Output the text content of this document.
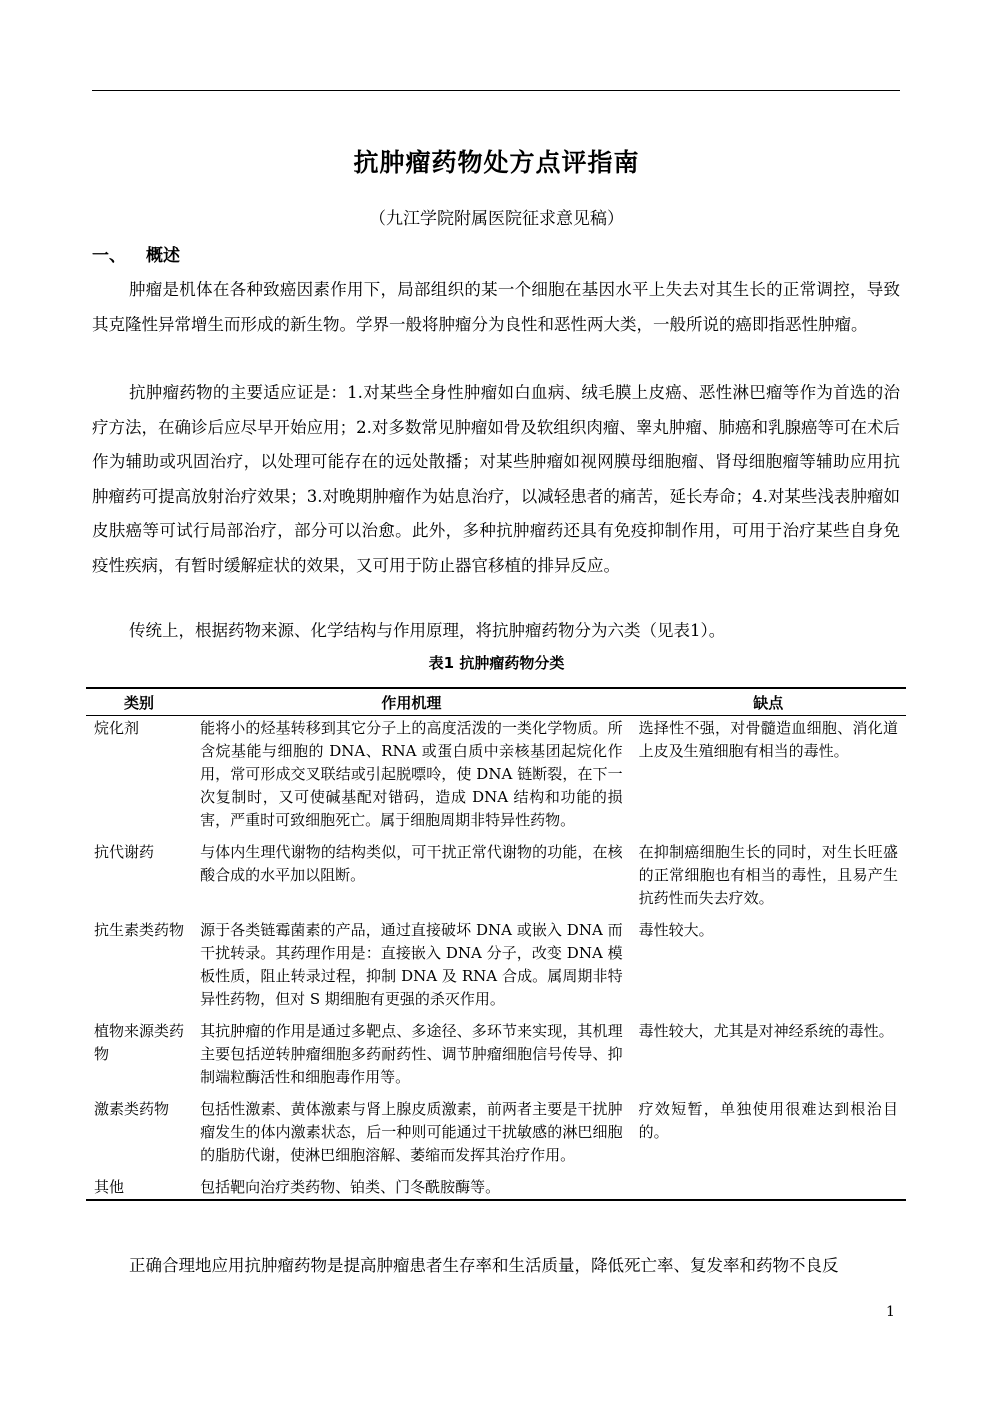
抗肿瘤药物处方点评指南
（九江学院附属医院征求意见稿）
一、 概述

肿瘤是机体在各种致癌因素作用下，局部组织的某一个细胞在基因水平上失去对其生长的正常调控，导致其克隆性异常增生而形成的新生物。学界一般将肿瘤分为良性和恶性两大类，一般所说的癌即指恶性肿瘤。

抗肿瘤药物的主要适应证是：1.对某些全身性肿瘤如白血病、绒毛膜上皮癌、恶性淋巴瘤等作为首选的治疗方法，在确诊后应尽早开始应用；2.对多数常见肿瘤如骨及软组织肉瘤、睾丸肿瘤、肺癌和乳腺癌等可在术后作为辅助或巩固治疗，以处理可能存在的远处散播；对某些肿瘤如视网膜母细胞瘤、肾母细胞瘤等辅助应用抗肿瘤药可提高放射治疗效果；3.对晚期肿瘤作为姑息治疗，以减轻患者的痛苦，延长寿命；4.对某些浅表肿瘤如皮肤癌等可试行局部治疗，部分可以治愈。此外，多种抗肿瘤药还具有免疫抑制作用，可用于治疗某些自身免疫性疾病，有暂时缓解症状的效果，又可用于防止器官移植的排异反应。

传统上，根据药物来源、化学结构与作用原理，将抗肿瘤药物分为六类（见表1）。

表1 抗肿瘤药物分类
类别	作用机理	缺点
烷化剂	能将小的烃基转移到其它分子上的高度活泼的一类化学物质。所含烷基能与细胞的 DNA、RNA 或蛋白质中亲核基团起烷化作用，常可形成交叉联结或引起脱嘌呤，使 DNA 链断裂，在下一次复制时，又可使碱基配对错码，造成 DNA 结构和功能的损害，严重时可致细胞死亡。属于细胞周期非特异性药物。	选择性不强，对骨髓造血细胞、消化道上皮及生殖细胞有相当的毒性。
抗代谢药	与体内生理代谢物的结构类似，可干扰正常代谢物的功能，在核酸合成的水平加以阻断。	在抑制癌细胞生长的同时，对生长旺盛的正常细胞也有相当的毒性，且易产生抗药性而失去疗效。
抗生素类药物	源于各类链霉菌素的产品，通过直接破坏 DNA 或嵌入 DNA 而干扰转录。其药理作用是：直接嵌入 DNA 分子，改变 DNA 模板性质，阻止转录过程，抑制 DNA 及 RNA 合成。属周期非特异性药物，但对 S 期细胞有更强的杀灭作用。	毒性较大。
植物来源类药物	其抗肿瘤的作用是通过多靶点、多途径、多环节来实现，其机理主要包括逆转肿瘤细胞多药耐药性、调节肿瘤细胞信号传导、抑制端粒酶活性和细胞毒作用等。	毒性较大，尤其是对神经系统的毒性。
激素类药物	包括性激素、黄体激素与肾上腺皮质激素，前两者主要是干扰肿瘤发生的体内激素状态，后一种则可能通过干扰敏感的淋巴细胞的脂肪代谢，使淋巴细胞溶解、萎缩而发挥其治疗作用。	疗效短暂，单独使用很难达到根治目的。
其他	包括靶向治疗类药物、铂类、门冬酰胺酶等。	

正确合理地应用抗肿瘤药物是提高肿瘤患者生存率和生活质量，降低死亡率、复发率和药物不良反

1
